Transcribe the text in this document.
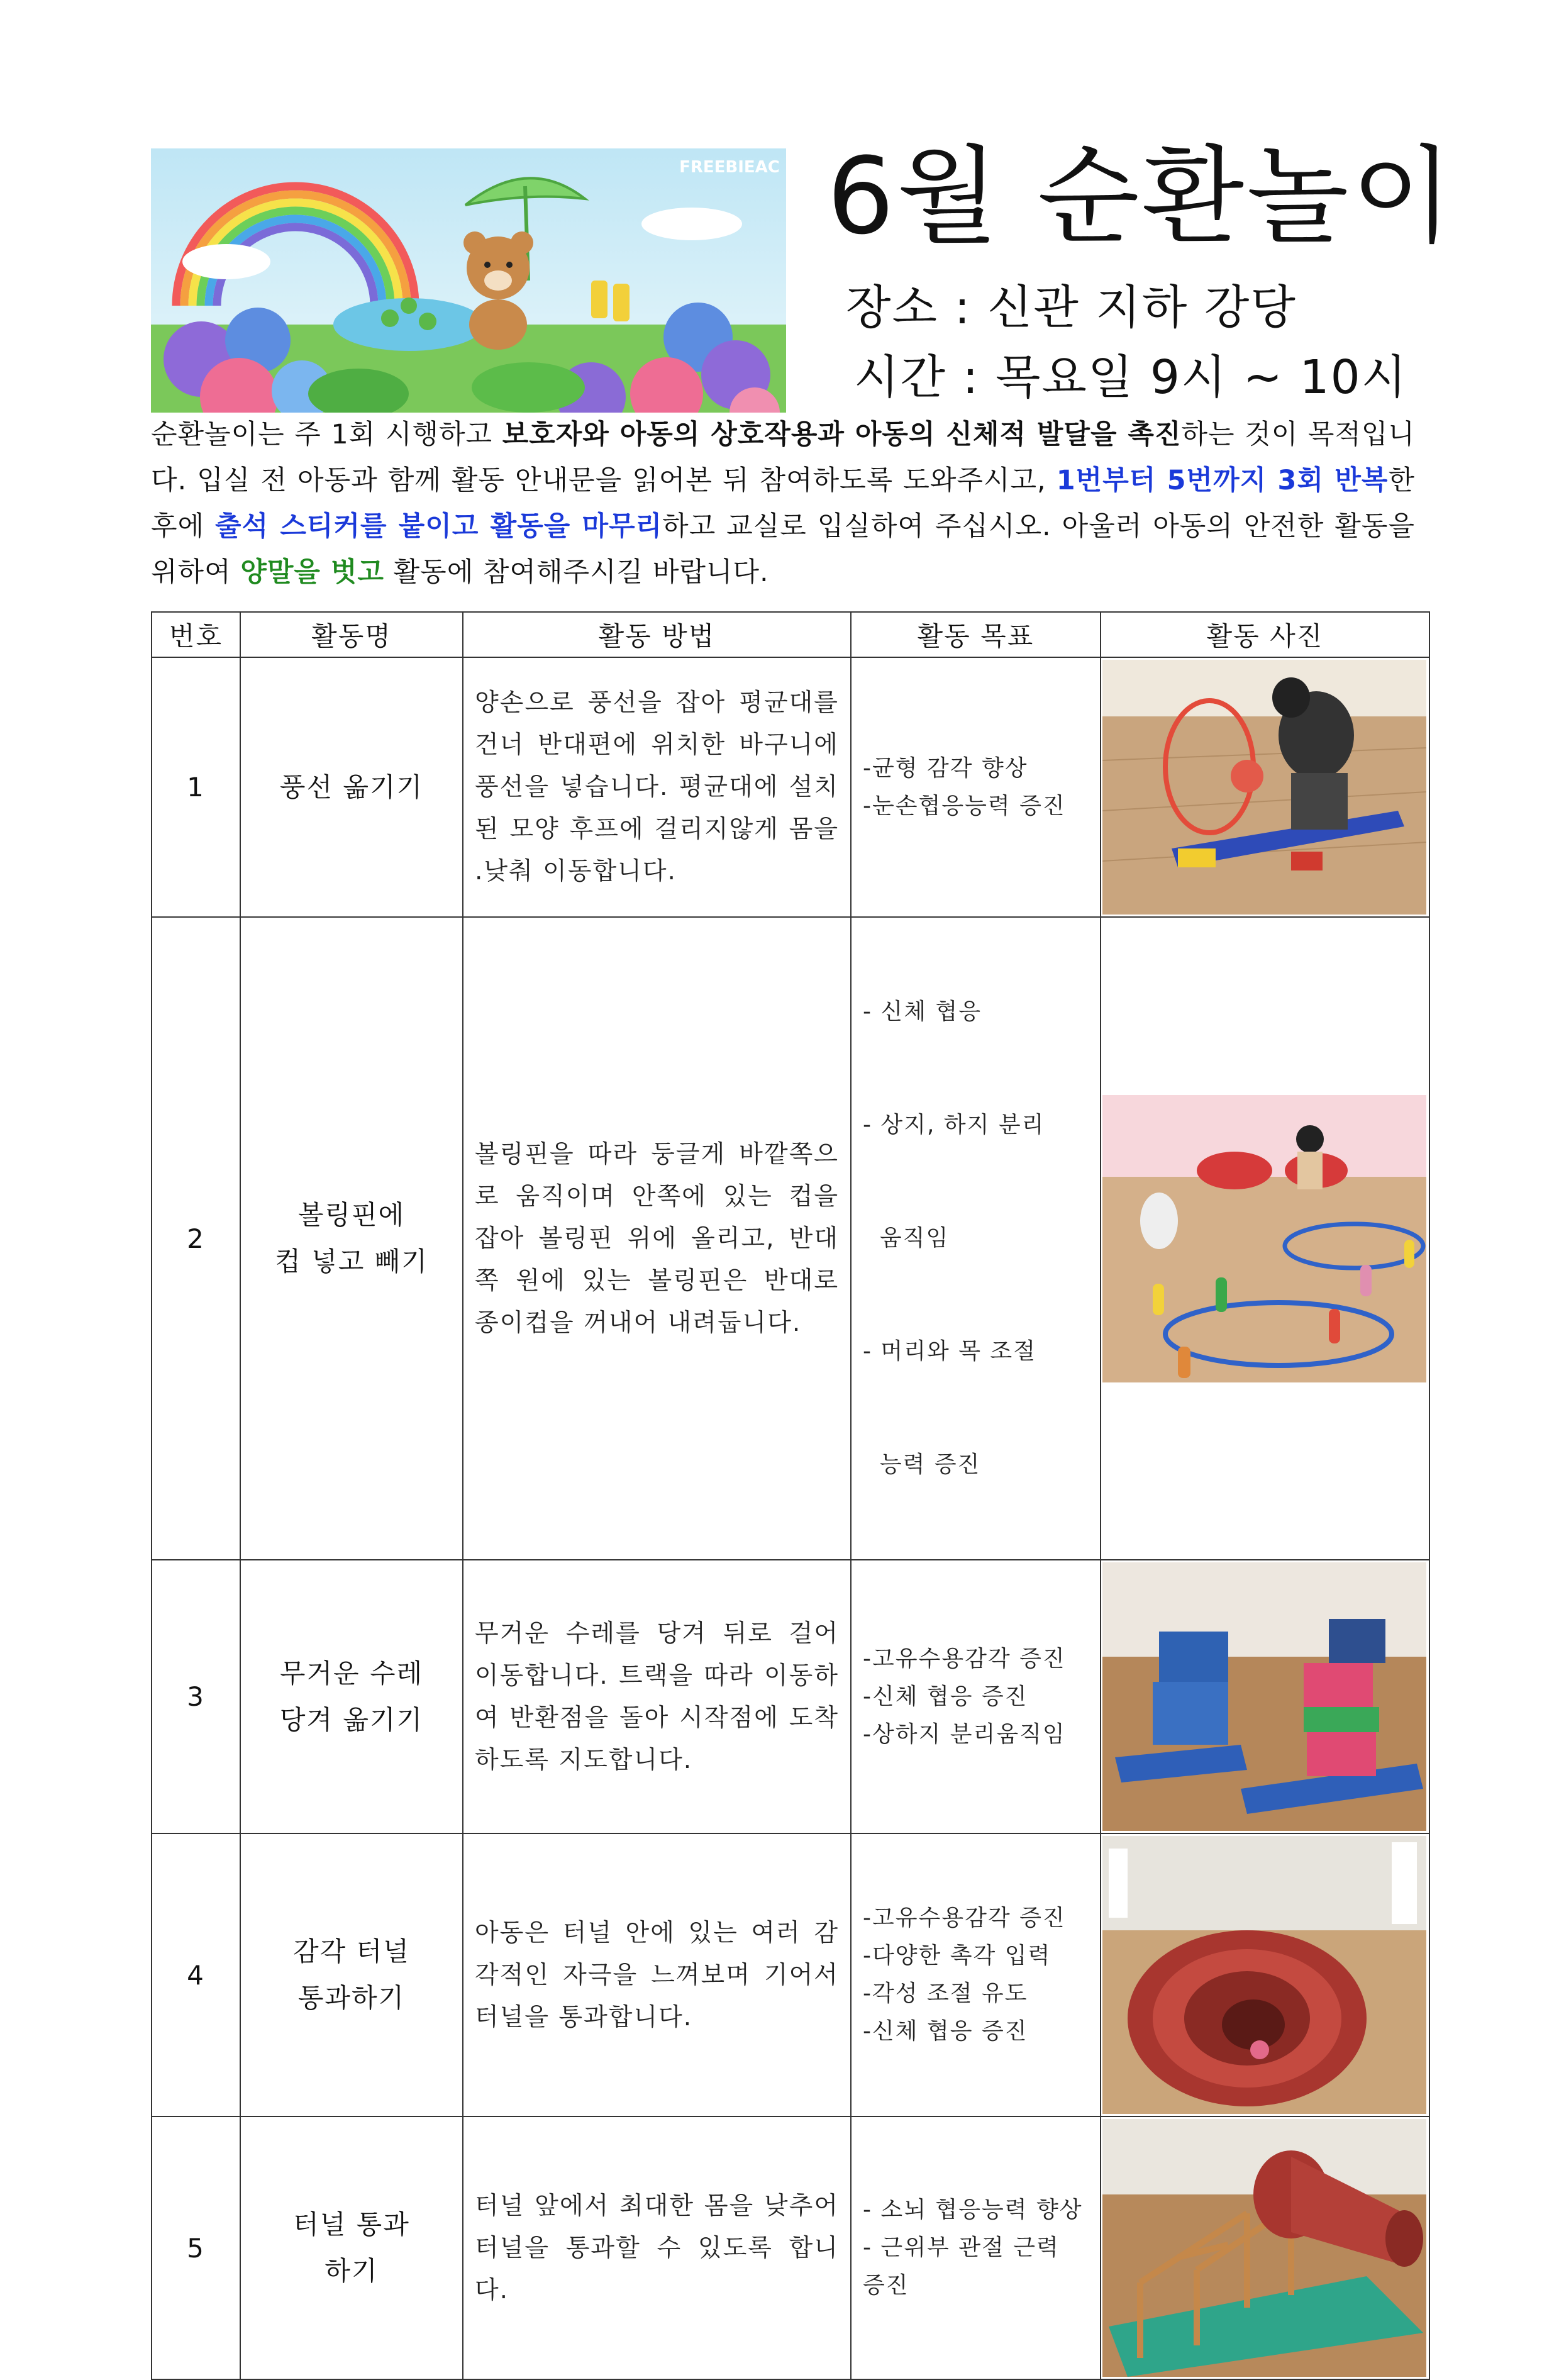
FREEBIEAC 6월 순환놀이
장소 : 신관 지하 강당
시간 : 목요일 9시 ~ 10시
순환놀이는 주 1회 시행하고 보호자와 아동의 상호작용과 아동의 신체적 발달을 촉진하는 것이 목적입니다. 입실 전 아동과 함께 활동 안내문을 읽어본 뒤 참여하도록 도와주시고, 1번부터 5번까지 3회 반복한 후에 출석 스티커를 붙이고 활동을 마무리하고 교실로 입실하여 주십시오. 아울러 아동의 안전한 활동을 위하여 양말을 벗고 활동에 참여해주시길 바랍니다.
번호	활동명	활동 방법	활동 목표	활동 사진
1	풍선 옮기기	양손으로 풍선을 잡아 평균대를 건너 반대편에 위치한 바구니에 풍선을 넣습니다. 평균대에 설치된 모양 후프에 걸리지않게 몸을 .낮춰 이동합니다.	-균형 감각 향상
-눈손협응능력 증진

2	볼링핀에
컵 넣고 빼기	볼링핀을 따라 둥글게 바깥쪽으로 움직이며 안쪽에 있는 컵을 잡아 볼링핀 위에 올리고, 반대쪽 원에 있는 볼링핀은 반대로 종이컵을 꺼내어 내려둡니다.	- 신체 협응

- 상지, 하지 분리

움직임

- 머리와 목 조절

능력 증진

3	무거운 수레
당겨 옮기기	무거운 수레를 당겨 뒤로 걸어 이동합니다. 트랙을 따라 이동하여 반환점을 돌아 시작점에 도착하도록 지도합니다.	-고유수용감각 증진
-신체 협응 증진
-상하지 분리움직임

4	감각 터널
통과하기	아동은 터널 안에 있는 여러 감각적인 자극을 느껴보며 기어서 터널을 통과합니다.	-고유수용감각 증진
-다양한 촉각 입력
-각성 조절 유도
-신체 협응 증진

5	터널 통과
하기	터널 앞에서 최대한 몸을 낮추어 터널을 통과할 수 있도록 합니다.	- 소뇌 협응능력 향상
- 근위부 관절 근력 증진
